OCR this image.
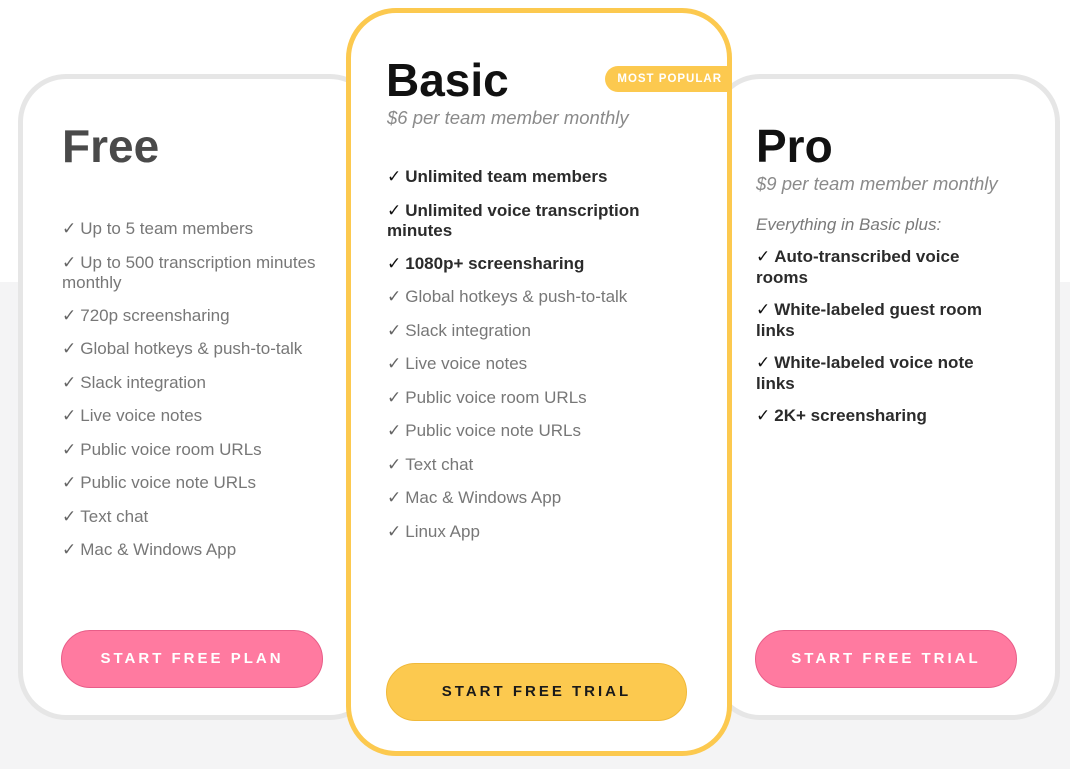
Free
✓ Up to 5 team members
✓ Up to 500 transcription minutes monthly
✓ 720p screensharing
✓ Global hotkeys & push-to-talk
✓ Slack integration
✓ Live voice notes
✓ Public voice room URLs
✓ Public voice note URLs
✓ Text chat
✓ Mac & Windows App
START FREE PLAN
Pro
$9 per team member monthly
Everything in Basic plus:
✓ Auto-transcribed voice rooms
✓ White-labeled guest room links
✓ White-labeled voice note links
✓ 2K+ screensharing
START FREE TRIAL
Basic	MOST POPULAR
$6 per team member monthly
✓ Unlimited team members
✓ Unlimited voice transcription minutes
✓ 1080p+ screensharing
✓ Global hotkeys & push-to-talk
✓ Slack integration
✓ Live voice notes
✓ Public voice room URLs
✓ Public voice note URLs
✓ Text chat
✓ Mac & Windows App
✓ Linux App
START FREE TRIAL
